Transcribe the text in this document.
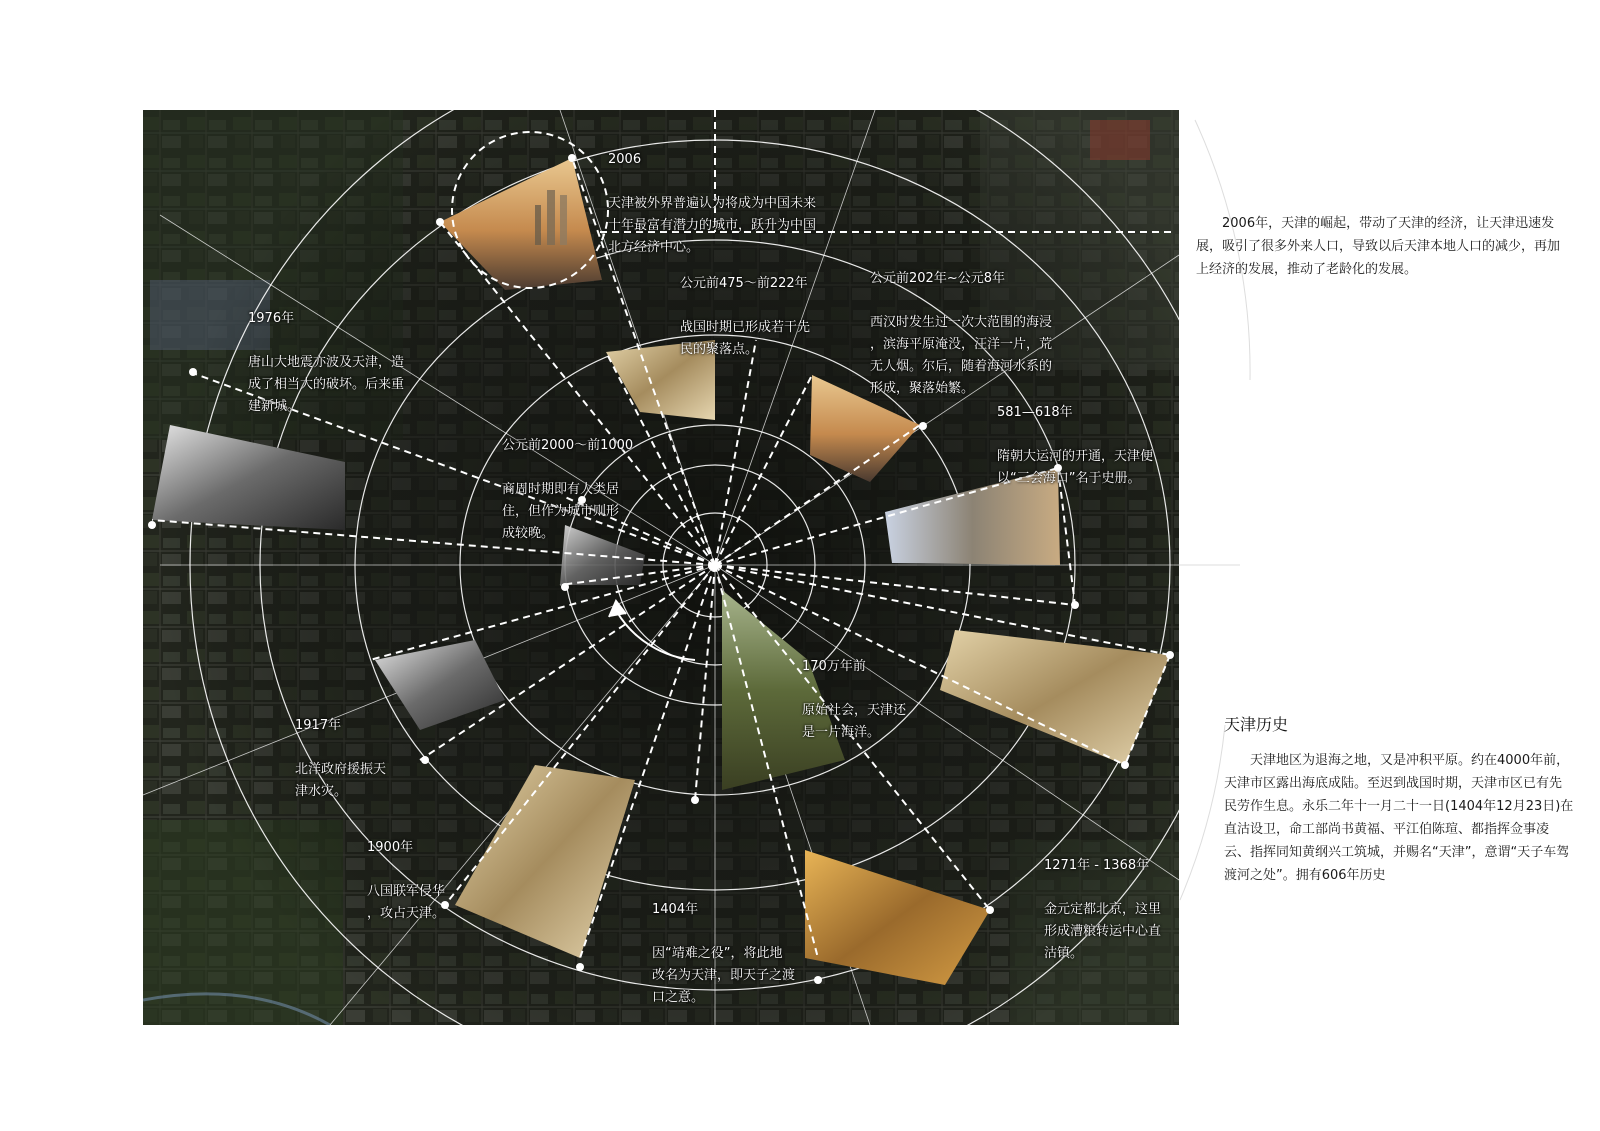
2006

天津被外界普遍认为将成为中国未来
十年最富有潜力的城市，跃升为中国
北方经济中心。

公元前475～前222年

战国时期已形成若干先
民的聚落点。

公元前202年~公元8年

西汉时发生过一次大范围的海浸
，滨海平原淹没，汪洋一片，荒
无人烟。尔后，随着海河水系的
形成，聚落始繁。

581—618年

隋朝大运河的开通，天津便
以“三会海口”名于史册。

公元前2000～前1000

商周时期即有人类居
住，但作为城市则形
成较晚。

1976年

唐山大地震亦波及天津，造
成了相当大的破坏。后来重
建新城。

170万年前

原始社会，天津还
是一片海洋。

1917年

北洋政府援振天
津水灾。

1900年

八国联军侵华
，攻占天津。	1404年

因“靖难之役”，将此地
改名为天津，即天子之渡
口之意。

1271年 - 1368年

金元定都北京，这里
形成漕粮转运中心直
沽镇。

2006年，天津的崛起，带动了天津的经济，让天津迅速发展，吸引了很多外来人口，导致以后天津本地人口的减少，再加上经济的发展，推动了老龄化的发展。
天津历史
天津地区为退海之地，又是冲积平原。约在4000年前，天津市区露出海底成陆。至迟到战国时期，天津市区已有先民劳作生息。永乐二年十一月二十一日(1404年12月23日)在直沽设卫，命工部尚书黄福、平江伯陈瑄、都指挥佥事凌云、指挥同知黄纲兴工筑城，并赐名“天津”，意谓“天子车驾渡河之处”。拥有606年历史
